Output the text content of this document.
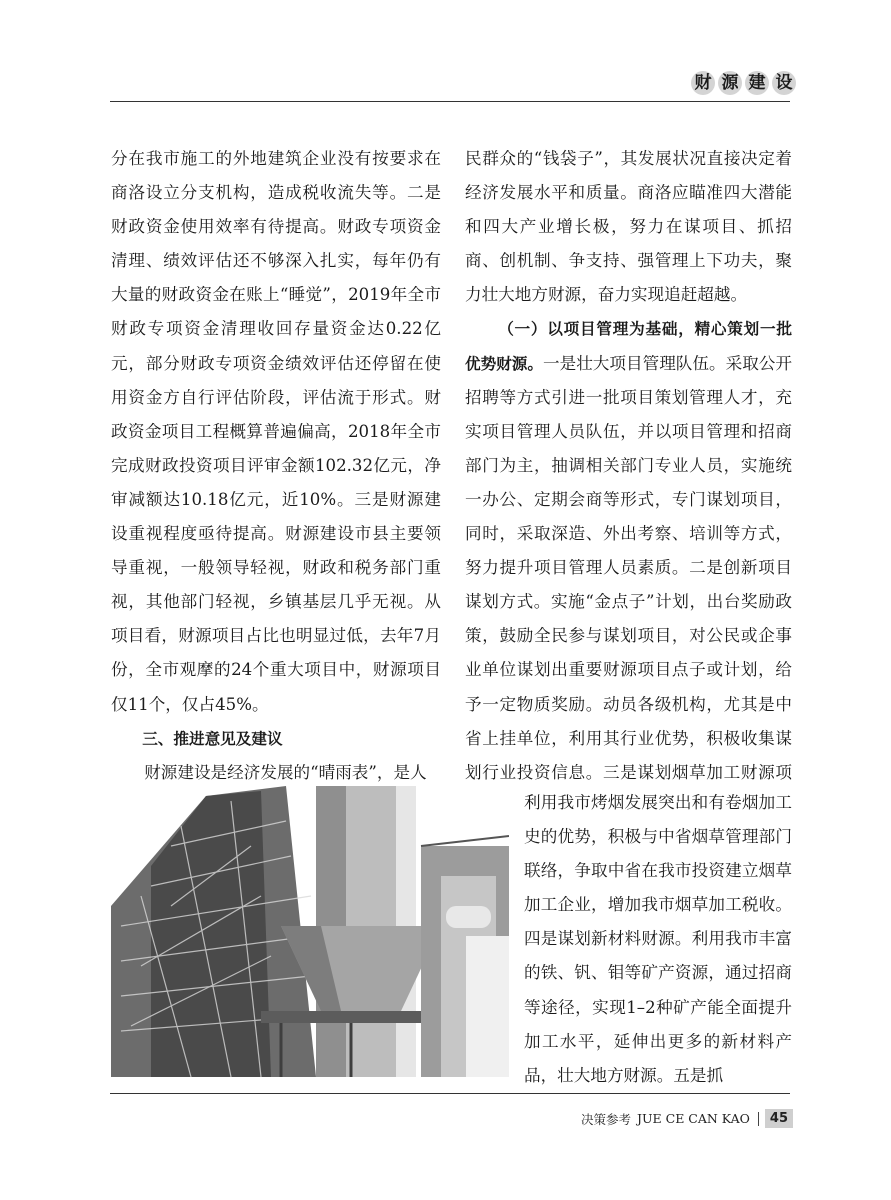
财 源 建 设

分在我市施工的外地建筑企业没有按要求在商洛设立分支机构，造成税收流失等。二是财政资金使用效率有待提高。财政专项资金清理、绩效评估还不够深入扎实，每年仍有大量的财政资金在账上“睡觉”，2019年全市财政专项资金清理收回存量资金达0.22亿元，部分财政专项资金绩效评估还停留在使用资金方自行评估阶段，评估流于形式。财政资金项目工程概算普遍偏高，2018年全市完成财政投资项目评审金额102.32亿元，净审减额达10.18亿元，近10%。三是财源建设重视程度亟待提高。财源建设市县主要领导重视，一般领导轻视，财政和税务部门重视，其他部门轻视，乡镇基层几乎无视。从项目看，财源项目占比也明显过低，去年7月份，全市观摩的24个重大项目中，财源项目仅11个，仅占45%。

三、推进意见及建议

财源建设是经济发展的“晴雨表”，是人

民群众的“钱袋子”，其发展状况直接决定着经济发展水平和质量。商洛应瞄准四大潜能和四大产业增长极，努力在谋项目、抓招商、创机制、争支持、强管理上下功夫，聚力壮大地方财源，奋力实现追赶超越。

（一）以项目管理为基础，精心策划一批优势财源。一是壮大项目管理队伍。采取公开招聘等方式引进一批项目策划管理人才，充实项目管理人员队伍，并以项目管理和招商部门为主，抽调相关部门专业人员，实施统一办公、定期会商等形式，专门谋划项目，同时，采取深造、外出考察、培训等方式，努力提升项目管理人员素质。二是创新项目谋划方式。实施“金点子”计划，出台奖励政策，鼓励全民参与谋划项目，对公民或企事业单位谋划出重要财源项目点子或计划，给予一定物质奖励。动员各级机构，尤其是中省上挂单位，利用其行业优势，积极收集谋划行业投资信息。三是谋划烟草加工财源项

利用我市烤烟发展突出和有卷烟加工史的优势，积极与中省烟草管理部门联络，争取中省在我市投资建立烟草加工企业，增加我市烟草加工税收。四是谋划新材料财源。利用我市丰富的铁、钒、钼等矿产资源，通过招商等途径，实现1–2种矿产能全面提升加工水平，延伸出更多的新材料产品，壮大地方财源。五是抓

决策参考 JUE CE CAN KAO	45
